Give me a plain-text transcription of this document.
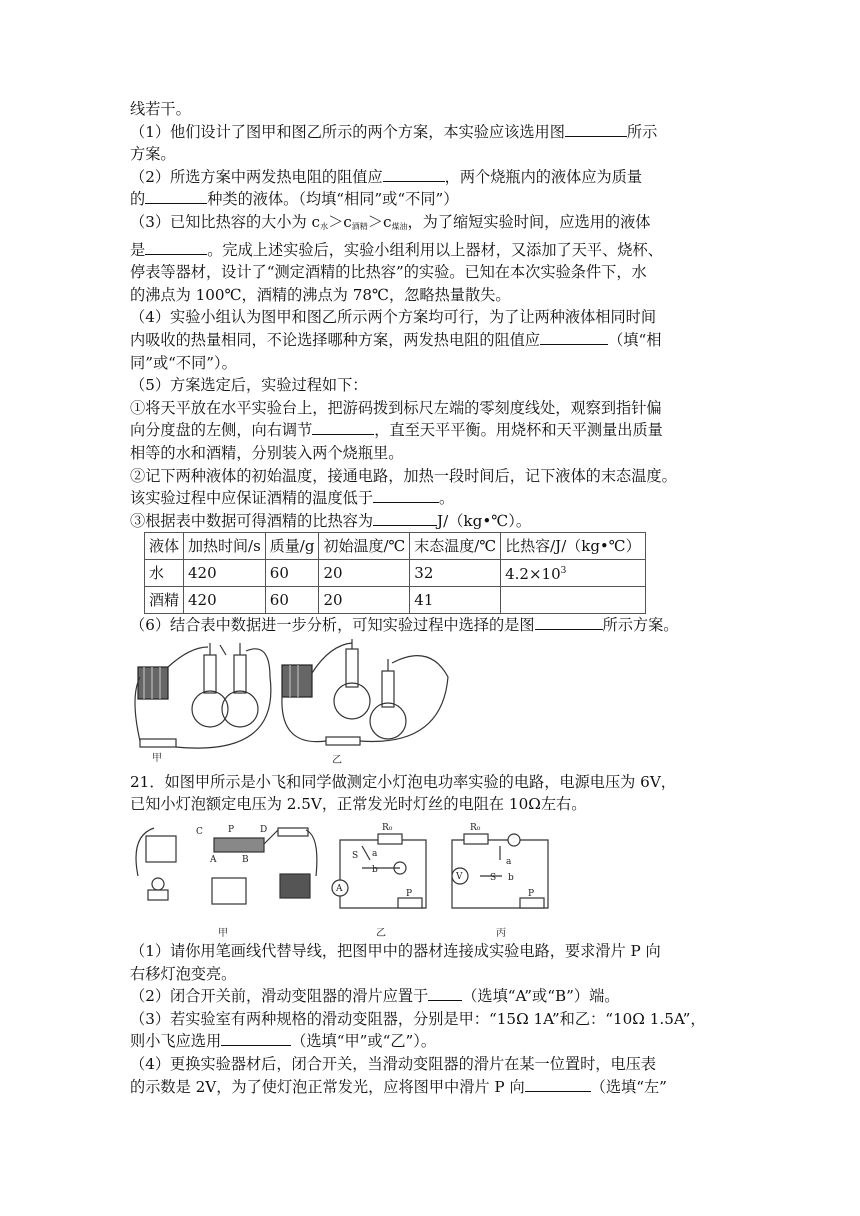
线若干。
（1）他们设计了图甲和图乙所示的两个方案，本实验应该选用图	所示
方案。
（2）所选方案中两发热电阻的阻值应	，两个烧瓶内的液体应为质量
的	种类的液体。（均填“相同”或“不同”）
（3）已知比热容的大小为 $c_水>c_{酒精}>c_{煤油}$，为了缩短实验时间，应选用的液体
是	。完成上述实验后，实验小组利用以上器材，又添加了天平、烧杯、
停表等器材，设计了“测定酒精的比热容”的实验。已知在本次实验条件下，水
的沸点为 100℃，酒精的沸点为 78℃，忽略热量散失。
（4）实验小组认为图甲和图乙所示两个方案均可行，为了让两种液体相同时间
内吸收的热量相同，不论选择哪种方案，两发热电阻的阻值应	（填“相
同”或“不同”）。
（5）方案选定后，实验过程如下：
①将天平放在水平实验台上，把游码拨到标尺左端的零刻度线处，观察到指针偏
向分度盘的左侧，向右调节	，直至天平平衡。用烧杯和天平测量出质量
相等的水和酒精，分别装入两个烧瓶里。
②记下两种液体的初始温度，接通电路，加热一段时间后，记下液体的末态温度。
该实验过程中应保证酒精的温度低于	。
③根据表中数据可得酒精的比热容为	J/（kg•℃）。
液体	加热时间/s	质量/g	初始温度/℃	末态温度/℃	比热容/J/（kg•℃）
水	420	60	20	32	$4.2\times 10^3$
酒精	420	60	20	41	
（6）结合表中数据进一步分析，可知实验过程中选择的是图	所示方案。
甲	乙
21．如图甲所示是小飞和同学做测定小灯泡电功率实验的电路，电源电压为 6V，
已知小灯泡额定电压为 2.5V，正常发光时灯丝的电阻在 10Ω左右。
C	P	D
A	B
A
S a
b
R₀
P
V
R₀
a
S b
P
甲	乙	丙
（1）请你用笔画线代替导线，把图甲中的器材连接成实验电路，要求滑片 P 向
右移灯泡变亮。
（2）闭合开关前，滑动变阻器的滑片应置于 （选填“A”或“B”）端。
（3）若实验室有两种规格的滑动变阻器，分别是甲：“15Ω 1A”和乙：“10Ω 1.5A”，
则小飞应选用	（选填“甲”或“乙”）。
（4）更换实验器材后，闭合开关，当滑动变阻器的滑片在某一位置时，电压表
的示数是 2V，为了使灯泡正常发光，应将图甲中滑片 P 向	（选填“左”
